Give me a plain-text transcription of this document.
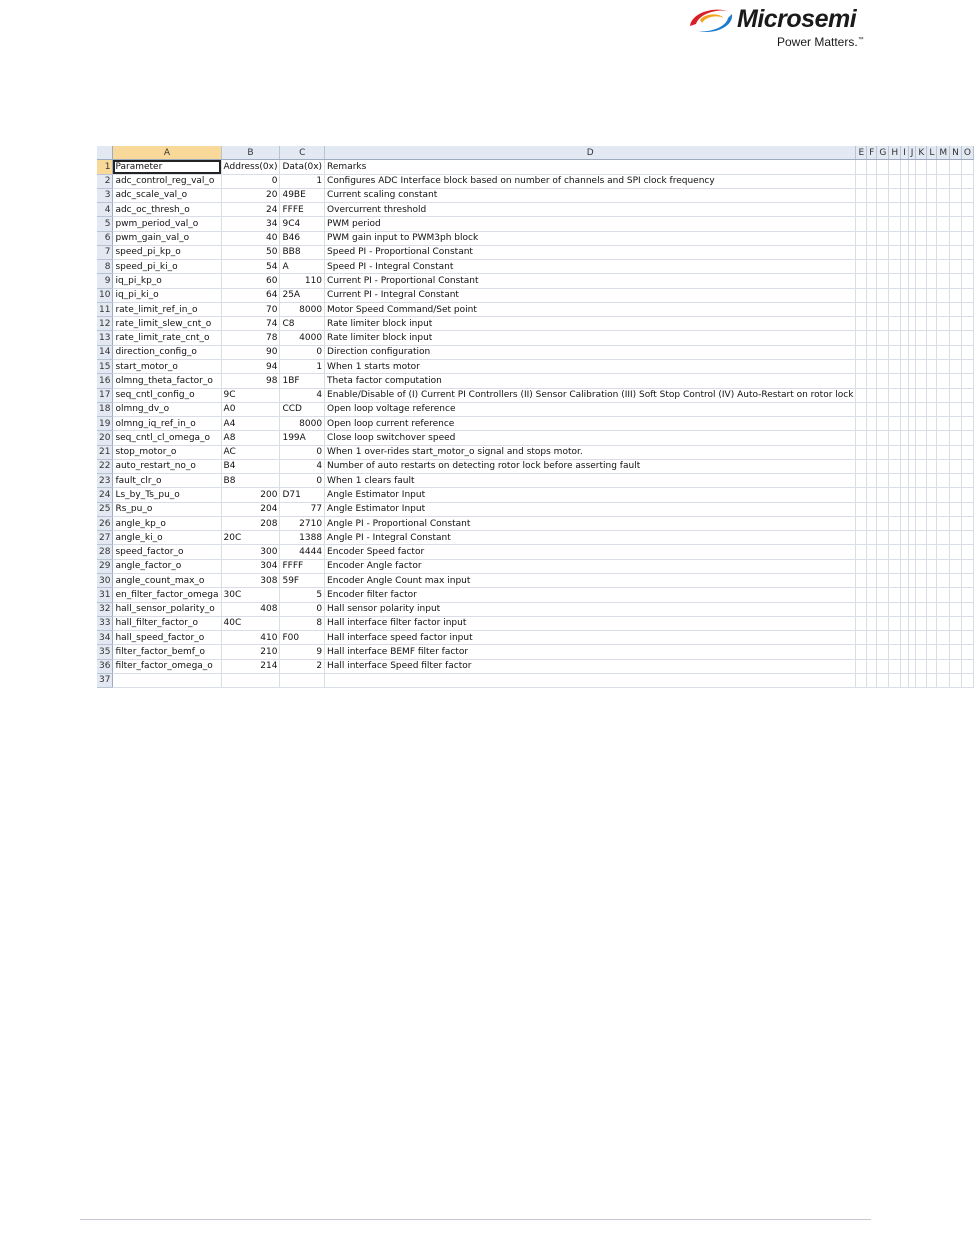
Microsemi
Power Matters.™
	A	B	C	D	E	F	G	H	I	J	K	L	M	N	O
1	Parameter	Address(0x)	Data(0x)	Remarks											
2	adc_control_reg_val_o	0	1	Configures ADC Interface block based on number of channels and SPI clock frequency											
3	adc_scale_val_o	20	49BE	Current scaling constant											
4	adc_oc_thresh_o	24	FFFE	Overcurrent threshold											
5	pwm_period_val_o	34	9C4	PWM period											
6	pwm_gain_val_o	40	B46	PWM gain input to PWM3ph block											
7	speed_pi_kp_o	50	BB8	Speed PI - Proportional Constant											
8	speed_pi_ki_o	54	A	Speed PI - Integral Constant											
9	iq_pi_kp_o	60	110	Current PI - Proportional Constant											
10	iq_pi_ki_o	64	25A	Current PI - Integral Constant											
11	rate_limit_ref_in_o	70	8000	Motor Speed Command/Set point											
12	rate_limit_slew_cnt_o	74	C8	Rate limiter block input											
13	rate_limit_rate_cnt_o	78	4000	Rate limiter block input											
14	direction_config_o	90	0	Direction configuration											
15	start_motor_o	94	1	When 1 starts motor											
16	olmng_theta_factor_o	98	1BF	Theta factor computation											
17	seq_cntl_config_o	9C	4	Enable/Disable of (I) Current PI Controllers (II) Sensor Calibration (III) Soft Stop Control (IV) Auto-Restart on rotor lock											
18	olmng_dv_o	A0	CCD	Open loop voltage reference											
19	olmng_iq_ref_in_o	A4	8000	Open loop current reference											
20	seq_cntl_cl_omega_o	A8	199A	Close loop switchover speed											
21	stop_motor_o	AC	0	When 1 over-rides start_motor_o signal and stops motor.											
22	auto_restart_no_o	B4	4	Number of auto restarts on detecting rotor lock before asserting fault											
23	fault_clr_o	B8	0	When 1 clears fault											
24	Ls_by_Ts_pu_o	200	D71	Angle Estimator Input											
25	Rs_pu_o	204	77	Angle Estimator Input											
26	angle_kp_o	208	2710	Angle PI - Proportional Constant											
27	angle_ki_o	20C	1388	Angle PI - Integral Constant											
28	speed_factor_o	300	4444	Encoder Speed factor											
29	angle_factor_o	304	FFFF	Encoder Angle factor											
30	angle_count_max_o	308	59F	Encoder Angle Count max input											
31	en_filter_factor_omega	30C	5	Encoder filter factor											
32	hall_sensor_polarity_o	408	0	Hall sensor polarity input											
33	hall_filter_factor_o	40C	8	Hall interface filter factor input											
34	hall_speed_factor_o	410	F00	Hall interface speed factor input											
35	filter_factor_bemf_o	210	9	Hall interface BEMF filter factor											
36	filter_factor_omega_o	214	2	Hall interface Speed filter factor											
37															
